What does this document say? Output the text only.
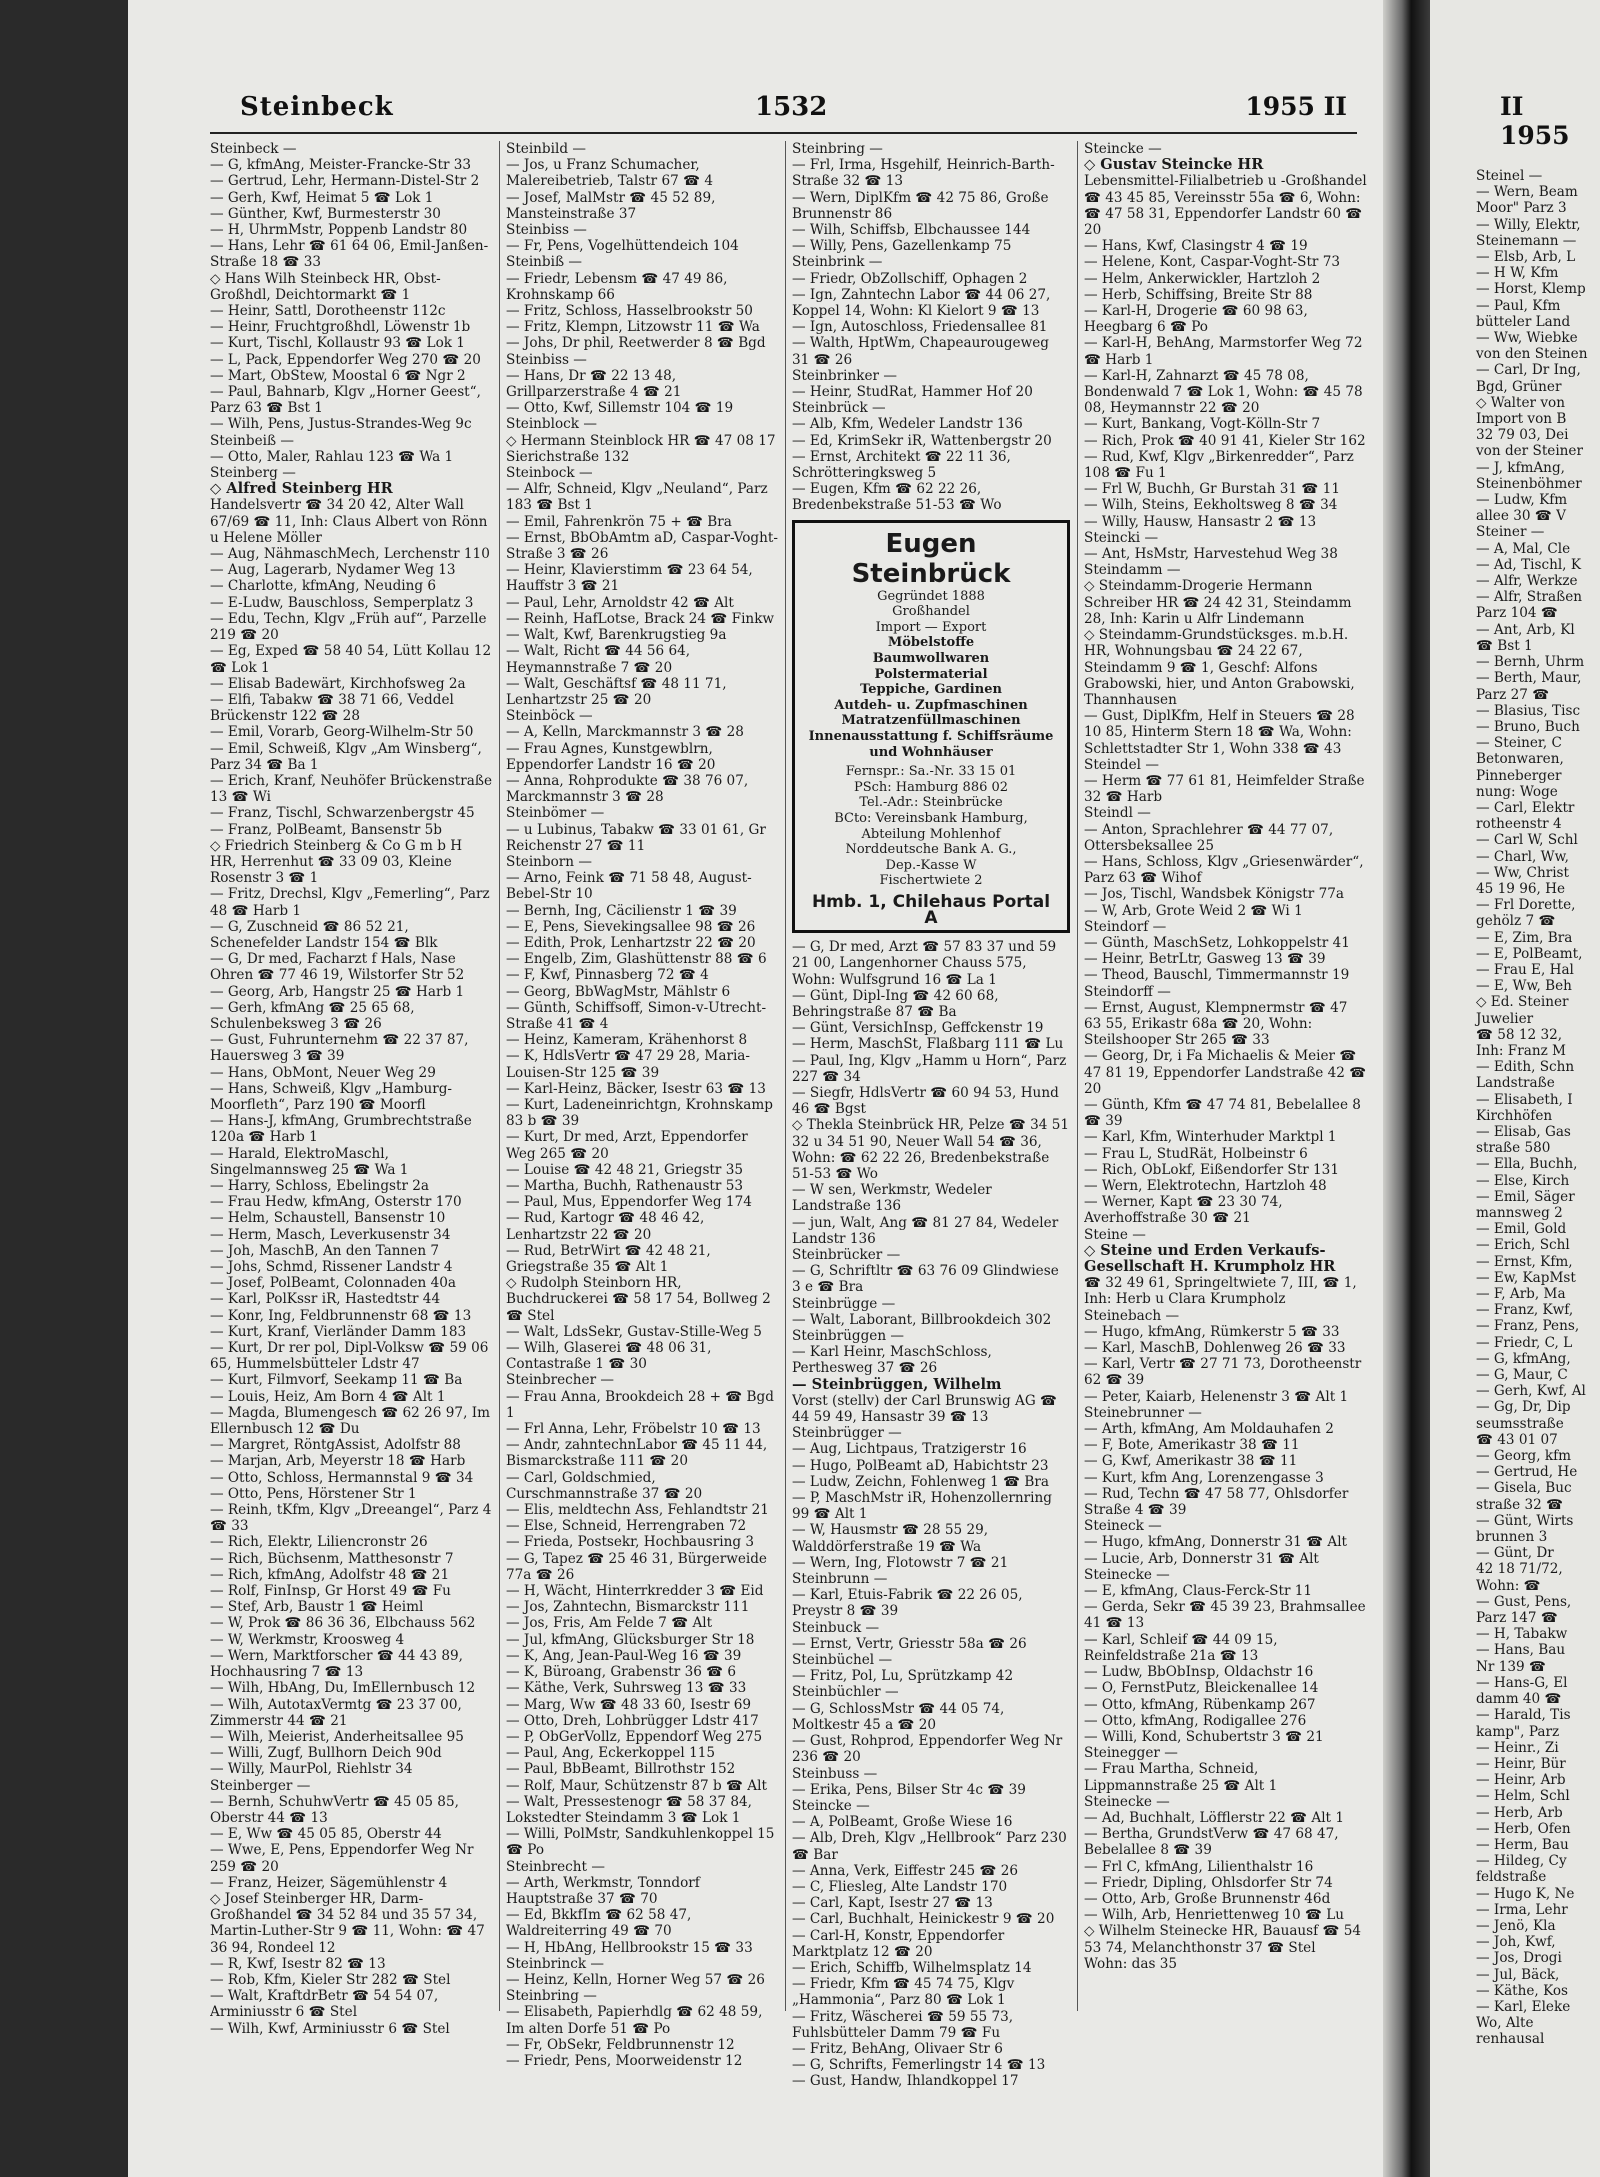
Steinbeck	1532	1955 II
Steinbeck —
— G, kfmAng, Meister-Francke-Str 33
— Gertrud, Lehr, Hermann-Distel-Str 2
— Gerh, Kwf, Heimat 5 ☎ Lok 1
— Günther, Kwf, Burmesterstr 30
— H, UhrmMstr, Poppenb Landstr 80
— Hans, Lehr ☎ 61 64 06, Emil-Janßen-Straße 18 ☎ 33
◇ Hans Wilh Steinbeck HR, Obst-Großhdl, Deichtormarkt ☎ 1
— Heinr, Sattl, Dorotheenstr 112c
— Heinr, Fruchtgroßhdl, Löwenstr 1b
— Kurt, Tischl, Kollaustr 93 ☎ Lok 1
— L, Pack, Eppendorfer Weg 270 ☎ 20
— Mart, ObStew, Moostal 6 ☎ Ngr 2
— Paul, Bahnarb, Klgv „Horner Geest“, Parz 63 ☎ Bst 1
— Wilh, Pens, Justus-Strandes-Weg 9c
Steinbeiß —
— Otto, Maler, Rahlau 123 ☎ Wa 1
Steinberg —
◇ Alfred Steinberg HR
Handelsvertr ☎ 34 20 42, Alter Wall 67/69 ☎ 11, Inh: Claus Albert von Rönn u Helene Möller
— Aug, NähmaschMech, Lerchenstr 110
— Aug, Lagerarb, Nydamer Weg 13
— Charlotte, kfmAng, Neuding 6
— E-Ludw, Bauschloss, Semperplatz 3
— Edu, Techn, Klgv „Früh auf“, Parzelle 219 ☎ 20
— Eg, Exped ☎ 58 40 54, Lütt Kollau 12 ☎ Lok 1
— Elisab Badewärt, Kirchhofsweg 2a
— Elfi, Tabakw ☎ 38 71 66, Veddel Brückenstr 122 ☎ 28
— Emil, Vorarb, Georg-Wilhelm-Str 50
— Emil, Schweiß, Klgv „Am Winsberg“, Parz 34 ☎ Ba 1
— Erich, Kranf, Neuhöfer Brückenstraße 13 ☎ Wi
— Franz, Tischl, Schwarzenbergstr 45
— Franz, PolBeamt, Bansenstr 5b
◇ Friedrich Steinberg & Co G m b H HR, Herrenhut ☎ 33 09 03, Kleine Rosenstr 3 ☎ 1
— Fritz, Drechsl, Klgv „Femerling“, Parz 48 ☎ Harb 1
— G, Zuschneid ☎ 86 52 21, Schenefelder Landstr 154 ☎ Blk
— G, Dr med, Facharzt f Hals, Nase Ohren ☎ 77 46 19, Wilstorfer Str 52
— Georg, Arb, Hangstr 25 ☎ Harb 1
— Gerh, kfmAng ☎ 25 65 68, Schulenbeksweg 3 ☎ 26
— Gust, Fuhrunternehm ☎ 22 37 87, Hauersweg 3 ☎ 39
— Hans, ObMont, Neuer Weg 29
— Hans, Schweiß, Klgv „Hamburg-Moorfleth“, Parz 190 ☎ Moorfl
— Hans-J, kfmAng, Grumbrechtstraße 120a ☎ Harb 1
— Harald, ElektroMaschl, Singelmannsweg 25 ☎ Wa 1
— Harry, Schloss, Ebelingstr 2a
— Frau Hedw, kfmAng, Osterstr 170
— Helm, Schaustell, Bansenstr 10
— Herm, Masch, Leverkusenstr 34
— Joh, MaschB, An den Tannen 7
— Johs, Schmd, Rissener Landstr 4
— Josef, PolBeamt, Colonnaden 40a
— Karl, PolKssr iR, Hastedtstr 44
— Konr, Ing, Feldbrunnenstr 68 ☎ 13
— Kurt, Kranf, Vierländer Damm 183
— Kurt, Dr rer pol, Dipl-Volksw ☎ 59 06 65, Hummelsbütteler Ldstr 47
— Kurt, Filmvorf, Seekamp 11 ☎ Ba
— Louis, Heiz, Am Born 4 ☎ Alt 1
— Magda, Blumengesch ☎ 62 26 97, Im Ellernbusch 12 ☎ Du
— Margret, RöntgAssist, Adolfstr 88
— Marjan, Arb, Meyerstr 18 ☎ Harb
— Otto, Schloss, Hermannstal 9 ☎ 34
— Otto, Pens, Hörstener Str 1
— Reinh, tKfm, Klgv „Dreeangel“, Parz 4 ☎ 33
— Rich, Elektr, Liliencronstr 26
— Rich, Büchsenm, Matthesonstr 7
— Rich, kfmAng, Adolfstr 48 ☎ 21
— Rolf, FinInsp, Gr Horst 49 ☎ Fu
— Stef, Arb, Baustr 1 ☎ Heiml
— W, Prok ☎ 86 36 36, Elbchauss 562
— W, Werkmstr, Kroosweg 4
— Wern, Marktforscher ☎ 44 43 89, Hochhausring 7 ☎ 13
— Wilh, HbAng, Du, ImEllernbusch 12
— Wilh, AutotaxVermtg ☎ 23 37 00, Zimmerstr 44 ☎ 21
— Wilh, Meierist, Anderheitsallee 95
— Willi, Zugf, Bullhorn Deich 90d
— Willy, MaurPol, Riehlstr 34
Steinberger —
— Bernh, SchuhwVertr ☎ 45 05 85, Oberstr 44 ☎ 13
— E, Ww ☎ 45 05 85, Oberstr 44
— Wwe, E, Pens, Eppendorfer Weg Nr 259 ☎ 20
— Franz, Heizer, Sägemühlenstr 4
◇ Josef Steinberger HR, Darm-Großhandel ☎ 34 52 84 und 35 57 34, Martin-Luther-Str 9 ☎ 11, Wohn: ☎ 47 36 94, Rondeel 12
— R, Kwf, Isestr 82 ☎ 13
— Rob, Kfm, Kieler Str 282 ☎ Stel
— Walt, KraftdrBetr ☎ 54 54 07, Arminiusstr 6 ☎ Stel
— Wilh, Kwf, Arminiusstr 6 ☎ Stel
Steinbild —
— Jos, u Franz Schumacher, Malereibetrieb, Talstr 67 ☎ 4
— Josef, MalMstr ☎ 45 52 89, Mansteinstraße 37
Steinbiss —
— Fr, Pens, Vogelhüttendeich 104
Steinbiß —
— Friedr, Lebensm ☎ 47 49 86, Krohnskamp 66
— Fritz, Schloss, Hasselbrookstr 50
— Fritz, Klempn, Litzowstr 11 ☎ Wa
— Johs, Dr phil, Reetwerder 8 ☎ Bgd
Steinbiss —
— Hans, Dr ☎ 22 13 48, Grillparzerstraße 4 ☎ 21
— Otto, Kwf, Sillemstr 104 ☎ 19
Steinblock —
◇ Hermann Steinblock HR ☎ 47 08 17 Sierichstraße 132
Steinbock —
— Alfr, Schneid, Klgv „Neuland“, Parz 183 ☎ Bst 1
— Emil, Fahrenkrön 75 + ☎ Bra
— Ernst, BbObAmtm aD, Caspar-Voght-Straße 3 ☎ 26
— Heinr, Klavierstimm ☎ 23 64 54, Hauffstr 3 ☎ 21
— Paul, Lehr, Arnoldstr 42 ☎ Alt
— Reinh, HafLotse, Brack 24 ☎ Finkw
— Walt, Kwf, Barenkrugstieg 9a
— Walt, Richt ☎ 44 56 64, Heymannstraße 7 ☎ 20
— Walt, Geschäftsf ☎ 48 11 71, Lenhartzstr 25 ☎ 20
Steinböck —
— A, Kelln, Marckmannstr 3 ☎ 28
— Frau Agnes, Kunstgewblrn, Eppendorfer Landstr 16 ☎ 20
— Anna, Rohprodukte ☎ 38 76 07, Marckmannstr 3 ☎ 28
Steinbömer —
— u Lubinus, Tabakw ☎ 33 01 61, Gr Reichenstr 27 ☎ 11
Steinborn —
— Arno, Feink ☎ 71 58 48, August-Bebel-Str 10
— Bernh, Ing, Cäcilienstr 1 ☎ 39
— E, Pens, Sievekingsallee 98 ☎ 26
— Edith, Prok, Lenhartzstr 22 ☎ 20
— Engelb, Zim, Glashüttenstr 88 ☎ 6
— F, Kwf, Pinnasberg 72 ☎ 4
— Georg, BbWagMstr, Mählstr 6
— Günth, Schiffsoff, Simon-v-Utrecht-Straße 41 ☎ 4
— Heinz, Kameram, Krähenhorst 8
— K, HdlsVertr ☎ 47 29 28, Maria-Louisen-Str 125 ☎ 39
— Karl-Heinz, Bäcker, Isestr 63 ☎ 13
— Kurt, Ladeneinrichtgn, Krohnskamp 83 b ☎ 39
— Kurt, Dr med, Arzt, Eppendorfer Weg 265 ☎ 20
— Louise ☎ 42 48 21, Griegstr 35
— Martha, Buchh, Rathenaustr 53
— Paul, Mus, Eppendorfer Weg 174
— Rud, Kartogr ☎ 48 46 42, Lenhartzstr 22 ☎ 20
— Rud, BetrWirt ☎ 42 48 21, Griegstraße 35 ☎ Alt 1
◇ Rudolph Steinborn HR, Buchdruckerei ☎ 58 17 54, Bollweg 2 ☎ Stel
— Walt, LdsSekr, Gustav-Stille-Weg 5
— Wilh, Glaserei ☎ 48 06 31, Contastraße 1 ☎ 30
Steinbrecher —
— Frau Anna, Brookdeich 28 + ☎ Bgd 1
— Frl Anna, Lehr, Fröbelstr 10 ☎ 13
— Andr, zahntechnLabor ☎ 45 11 44, Bismarckstraße 111 ☎ 20
— Carl, Goldschmied, Curschmannstraße 37 ☎ 20
— Elis, meldtechn Ass, Fehlandtstr 21
— Else, Schneid, Herrengraben 72
— Frieda, Postsekr, Hochbausring 3
— G, Tapez ☎ 25 46 31, Bürgerweide 77a ☎ 26
— H, Wächt, Hinterrkredder 3 ☎ Eid
— Jos, Zahntechn, Bismarckstr 111
— Jos, Fris, Am Felde 7 ☎ Alt
— Jul, kfmAng, Glücksburger Str 18
— K, Ang, Jean-Paul-Weg 16 ☎ 39
— K, Büroang, Grabenstr 36 ☎ 6
— Käthe, Verk, Suhrsweg 13 ☎ 33
— Marg, Ww ☎ 48 33 60, Isestr 69
— Otto, Dreh, Lohbrügger Ldstr 417
— P, ObGerVollz, Eppendorf Weg 275
— Paul, Ang, Eckerkoppel 115
— Paul, BbBeamt, Billrothstr 152
— Rolf, Maur, Schützenstr 87 b ☎ Alt
— Walt, Pressestenogr ☎ 58 37 84, Lokstedter Steindamm 3 ☎ Lok 1
— Willi, PolMstr, Sandkuhlenkoppel 15 ☎ Po
Steinbrecht —
— Arth, Werkmstr, Tonndorf Hauptstraße 37 ☎ 70
— Ed, BkkfIm ☎ 62 58 47, Waldreiterring 49 ☎ 70
— H, HbAng, Hellbrookstr 15 ☎ 33
Steinbrinck —
— Heinz, Kelln, Horner Weg 57 ☎ 26
Steinbring —
— Elisabeth, Papierhdlg ☎ 62 48 59, Im alten Dorfe 51 ☎ Po
— Fr, ObSekr, Feldbrunnenstr 12
— Friedr, Pens, Moorweidenstr 12
Steinbring —
— Frl, Irma, Hsgehilf, Heinrich-Barth-Straße 32 ☎ 13
— Wern, DiplKfm ☎ 42 75 86, Große Brunnenstr 86
— Wilh, Schiffsb, Elbchaussee 144
— Willy, Pens, Gazellenkamp 75
Steinbrink —
— Friedr, ObZollschiff, Ophagen 2
— Ign, Zahntechn Labor ☎ 44 06 27, Koppel 14, Wohn: Kl Kielort 9 ☎ 13
— Ign, Autoschloss, Friedensallee 81
— Walth, HptWm, Chapeaurougeweg 31 ☎ 26
Steinbrinker —
— Heinr, StudRat, Hammer Hof 20
Steinbrück —
— Alb, Kfm, Wedeler Landstr 136
— Ed, KrimSekr iR, Wattenbergstr 20
— Ernst, Architekt ☎ 22 11 36, Schrötteringksweg 5
— Eugen, Kfm ☎ 62 22 26, Bredenbekstraße 51-53 ☎ Wo
Eugen Steinbrück
Gegründet 1888
Großhandel
Import — Export
Möbelstoffe
Baumwollwaren
Polstermaterial
Teppiche, Gardinen
Autdeh- u. Zupfmaschinen
Matratzenfüllmaschinen
Innenausstattung f. Schiffsräume und Wohnhäuser
Fernspr.: Sa.-Nr. 33 15 01
PSch: Hamburg 886 02
Tel.-Adr.: Steinbrücke
BCto: Vereinsbank Hamburg, Abteilung Mohlenhof
Norddeutsche Bank A. G.,
Dep.-Kasse W
Fischertwiete 2
Hmb. 1, Chilehaus Portal A
— G, Dr med, Arzt ☎ 57 83 37 und 59 21 00, Langenhorner Chauss 575, Wohn: Wulfsgrund 16 ☎ La 1
— Günt, Dipl-Ing ☎ 42 60 68, Behringstraße 87 ☎ Ba
— Günt, VersichInsp, Geffckenstr 19
— Herm, MaschSt, Flaßbarg 111 ☎ Lu
— Paul, Ing, Klgv „Hamm u Horn“, Parz 227 ☎ 34
— Siegfr, HdlsVertr ☎ 60 94 53, Hund 46 ☎ Bgst
◇ Thekla Steinbrück HR, Pelze ☎ 34 51 32 u 34 51 90, Neuer Wall 54 ☎ 36, Wohn: ☎ 62 22 26, Bredenbekstraße 51-53 ☎ Wo
— W sen, Werkmstr, Wedeler Landstraße 136
— jun, Walt, Ang ☎ 81 27 84, Wedeler Landstr 136
Steinbrücker —
— G, Schriftltr ☎ 63 76 09 Glindwiese 3 e ☎ Bra
Steinbrügge —
— Walt, Laborant, Billbrookdeich 302
Steinbrüggen —
— Karl Heinr, MaschSchloss, Perthesweg 37 ☎ 26
— Steinbrüggen, Wilhelm
Vorst (stellv) der Carl Brunswig AG ☎ 44 59 49, Hansastr 39 ☎ 13
Steinbrügger —
— Aug, Lichtpaus, Tratzigerstr 16
— Hugo, PolBeamt aD, Habichtstr 23
— Ludw, Zeichn, Fohlenweg 1 ☎ Bra
— P, MaschMstr iR, Hohenzollernring 99 ☎ Alt 1
— W, Hausmstr ☎ 28 55 29, Walddörferstraße 19 ☎ Wa
— Wern, Ing, Flotowstr 7 ☎ 21
Steinbrunn —
— Karl, Etuis-Fabrik ☎ 22 26 05, Preystr 8 ☎ 39
Steinbuck —
— Ernst, Vertr, Griesstr 58a ☎ 26
Steinbüchel —
— Fritz, Pol, Lu, Sprützkamp 42
Steinbüchler —
— G, SchlossMstr ☎ 44 05 74, Moltkestr 45 a ☎ 20
— Gust, Rohprod, Eppendorfer Weg Nr 236 ☎ 20
Steinbuss —
— Erika, Pens, Bilser Str 4c ☎ 39
Steincke —
— A, PolBeamt, Große Wiese 16
— Alb, Dreh, Klgv „Hellbrook“ Parz 230 ☎ Bar
— Anna, Verk, Eiffestr 245 ☎ 26
— C, Fliesleg, Alte Landstr 170
— Carl, Kapt, Isestr 27 ☎ 13
— Carl, Buchhalt, Heinickestr 9 ☎ 20
— Carl-H, Konstr, Eppendorfer Marktplatz 12 ☎ 20
— Erich, Schiffb, Wilhelmsplatz 14
— Friedr, Kfm ☎ 45 74 75, Klgv „Hammonia“, Parz 80 ☎ Lok 1
— Fritz, Wäscherei ☎ 59 55 73, Fuhlsbütteler Damm 79 ☎ Fu
— Fritz, BehAng, Olivaer Str 6
— G, Schrifts, Femerlingstr 14 ☎ 13
— Gust, Handw, Ihlandkoppel 17
Steincke —
◇ Gustav Steincke HR
Lebensmittel-Filialbetrieb u -Großhandel ☎ 43 45 85, Vereinsstr 55a ☎ 6, Wohn: ☎ 47 58 31, Eppendorfer Landstr 60 ☎ 20
— Hans, Kwf, Clasingstr 4 ☎ 19
— Helene, Kont, Caspar-Voght-Str 73
— Helm, Ankerwickler, Hartzloh 2
— Herb, Schiffsing, Breite Str 88
— Karl-H, Drogerie ☎ 60 98 63, Heegbarg 6 ☎ Po
— Karl-H, BehAng, Marmstorfer Weg 72 ☎ Harb 1
— Karl-H, Zahnarzt ☎ 45 78 08, Bondenwald 7 ☎ Lok 1, Wohn: ☎ 45 78 08, Heymannstr 22 ☎ 20
— Kurt, Bankang, Vogt-Kölln-Str 7
— Rich, Prok ☎ 40 91 41, Kieler Str 162
— Rud, Kwf, Klgv „Birkenredder“, Parz 108 ☎ Fu 1
— Frl W, Buchh, Gr Burstah 31 ☎ 11
— Wilh, Steins, Eekholtsweg 8 ☎ 34
— Willy, Hausw, Hansastr 2 ☎ 13
Steincki —
— Ant, HsMstr, Harvestehud Weg 38
Steindamm —
◇ Steindamm-Drogerie Hermann Schreiber HR ☎ 24 42 31, Steindamm 28, Inh: Karin u Alfr Lindemann
◇ Steindamm-Grundstücksges. m.b.H. HR, Wohnungsbau ☎ 24 22 67, Steindamm 9 ☎ 1, Geschf: Alfons Grabowski, hier, und Anton Grabowski, Thannhausen
— Gust, DiplKfm, Helf in Steuers ☎ 28 10 85, Hinterm Stern 18 ☎ Wa, Wohn: Schlettstadter Str 1, Wohn 338 ☎ 43
Steindel —
— Herm ☎ 77 61 81, Heimfelder Straße 32 ☎ Harb
Steindl —
— Anton, Sprachlehrer ☎ 44 77 07, Ottersbeksallee 25
— Hans, Schloss, Klgv „Griesenwärder“, Parz 63 ☎ Wihof
— Jos, Tischl, Wandsbek Königstr 77a
— W, Arb, Grote Weid 2 ☎ Wi 1
Steindorf —
— Günth, MaschSetz, Lohkoppelstr 41
— Heinr, BetrLtr, Gasweg 13 ☎ 39
— Theod, Bauschl, Timmermannstr 19
Steindorff —
— Ernst, August, Klempnermstr ☎ 47 63 55, Erikastr 68a ☎ 20, Wohn: Steilshooper Str 265 ☎ 33
— Georg, Dr, i Fa Michaelis & Meier ☎ 47 81 19, Eppendorfer Landstraße 42 ☎ 20
— Günth, Kfm ☎ 47 74 81, Bebelallee 8 ☎ 39
— Karl, Kfm, Winterhuder Marktpl 1
— Frau L, StudRät, Holbeinstr 6
— Rich, ObLokf, Eißendorfer Str 131
— Wern, Elektrotechn, Hartzloh 48
— Werner, Kapt ☎ 23 30 74, Averhoffstraße 30 ☎ 21
Steine —
◇ Steine und Erden Verkaufs-Gesellschaft H. Krumpholz HR
☎ 32 49 61, Springeltwiete 7, III, ☎ 1, Inh: Herb u Clara Krumpholz
Steinebach —
— Hugo, kfmAng, Rümkerstr 5 ☎ 33
— Karl, MaschB, Dohlenweg 26 ☎ 33
— Karl, Vertr ☎ 27 71 73, Dorotheenstr 62 ☎ 39
— Peter, Kaiarb, Helenenstr 3 ☎ Alt 1
Steinebrunner —
— Arth, kfmAng, Am Moldauhafen 2
— F, Bote, Amerikastr 38 ☎ 11
— G, Kwf, Amerikastr 38 ☎ 11
— Kurt, kfm Ang, Lorenzengasse 3
— Rud, Techn ☎ 47 58 77, Ohlsdorfer Straße 4 ☎ 39
Steineck —
— Hugo, kfmAng, Donnerstr 31 ☎ Alt
— Lucie, Arb, Donnerstr 31 ☎ Alt
Steinecke —
— E, kfmAng, Claus-Ferck-Str 11
— Gerda, Sekr ☎ 45 39 23, Brahmsallee 41 ☎ 13
— Karl, Schleif ☎ 44 09 15, Reinfeldstraße 21a ☎ 13
— Ludw, BbObInsp, Oldachstr 16
— O, FernstPutz, Bleickenallee 14
— Otto, kfmAng, Rübenkamp 267
— Otto, kfmAng, Rodigallee 276
— Willi, Kond, Schubertstr 3 ☎ 21
Steinegger —
— Frau Martha, Schneid, Lippmannstraße 25 ☎ Alt 1
Steinecke —
— Ad, Buchhalt, Löfflerstr 22 ☎ Alt 1
— Bertha, GrundstVerw ☎ 47 68 47, Bebelallee 8 ☎ 39
— Frl C, kfmAng, Lilienthalstr 16
— Friedr, Dipling, Ohlsdorfer Str 74
— Otto, Arb, Große Brunnenstr 46d
— Wilh, Arb, Henriettenweg 10 ☎ Lu
◇ Wilhelm Steinecke HR, Bauausf ☎ 54 53 74, Melanchthonstr 37 ☎ Stel
Wohn: das 35
II 1955
Steinel —
— Wern, Beam
Moor" Parz 3
— Willy, Elektr,
Steinemann —
— Elsb, Arb, L
— H W, Kfm
— Horst, Klemp
— Paul, Kfm
bütteler Land
— Ww, Wiebke
von den Steinen
— Carl, Dr Ing,
Bgd, Grüner
◇ Walter von
Import von B
32 79 03, Dei
von der Steiner
— J, kfmAng,
Steinenböhmer
— Ludw, Kfm
allee 30 ☎ V
Steiner —
— A, Mal, Cle
— Ad, Tischl, K
— Alfr, Werkze
— Alfr, Straßen
Parz 104 ☎
— Ant, Arb, Kl
☎ Bst 1
— Bernh, Uhrm
— Berth, Maur,
Parz 27 ☎
— Blasius, Tisc
— Bruno, Buch
— Steiner, C
Betonwaren,
Pinneberger
nung: Woge
— Carl, Elektr
rotheenstr 4
— Carl W, Schl
— Charl, Ww,
— Ww, Christ
45 19 96, He
— Frl Dorette,
gehölz 7 ☎
— E, Zim, Bra
— E, PolBeamt,
— Frau E, Hal
— E, Ww, Beh
◇ Ed. Steiner
Juwelier
☎ 58 12 32,
Inh: Franz M
— Edith, Schn
Landstraße
— Elisabeth, I
Kirchhöfen
— Elisab, Gas
straße 580
— Ella, Buchh,
— Else, Kirch
— Emil, Säger
mannsweg 2
— Emil, Gold
— Erich, Schl
— Ernst, Kfm,
— Ew, KapMst
— F, Arb, Ma
— Franz, Kwf,
— Franz, Pens,
— Friedr, C, L
— G, kfmAng,
— G, Maur, C
— Gerh, Kwf, Al
— Gg, Dr, Dip
seumsstraße
☎ 43 01 07
— Georg, kfm
— Gertrud, He
— Gisela, Buc
straße 32 ☎
— Günt, Wirts
brunnen 3
— Günt, Dr
42 18 71/72,
Wohn: ☎
— Gust, Pens,
Parz 147 ☎
— H, Tabakw
— Hans, Bau
Nr 139 ☎
— Hans-G, El
damm 40 ☎
— Harald, Tis
kamp", Parz
— Heinr., Zi
— Heinr, Bür
— Heinr, Arb
— Helm, Schl
— Herb, Arb
— Herb, Ofen
— Herm, Bau
— Hildeg, Cy
feldstraße
— Hugo K, Ne
— Irma, Lehr
— Jenö, Kla
— Joh, Kwf,
— Jos, Drogi
— Jul, Bäck,
— Käthe, Kos
— Karl, Eleke
Wo, Alte
renhausal
